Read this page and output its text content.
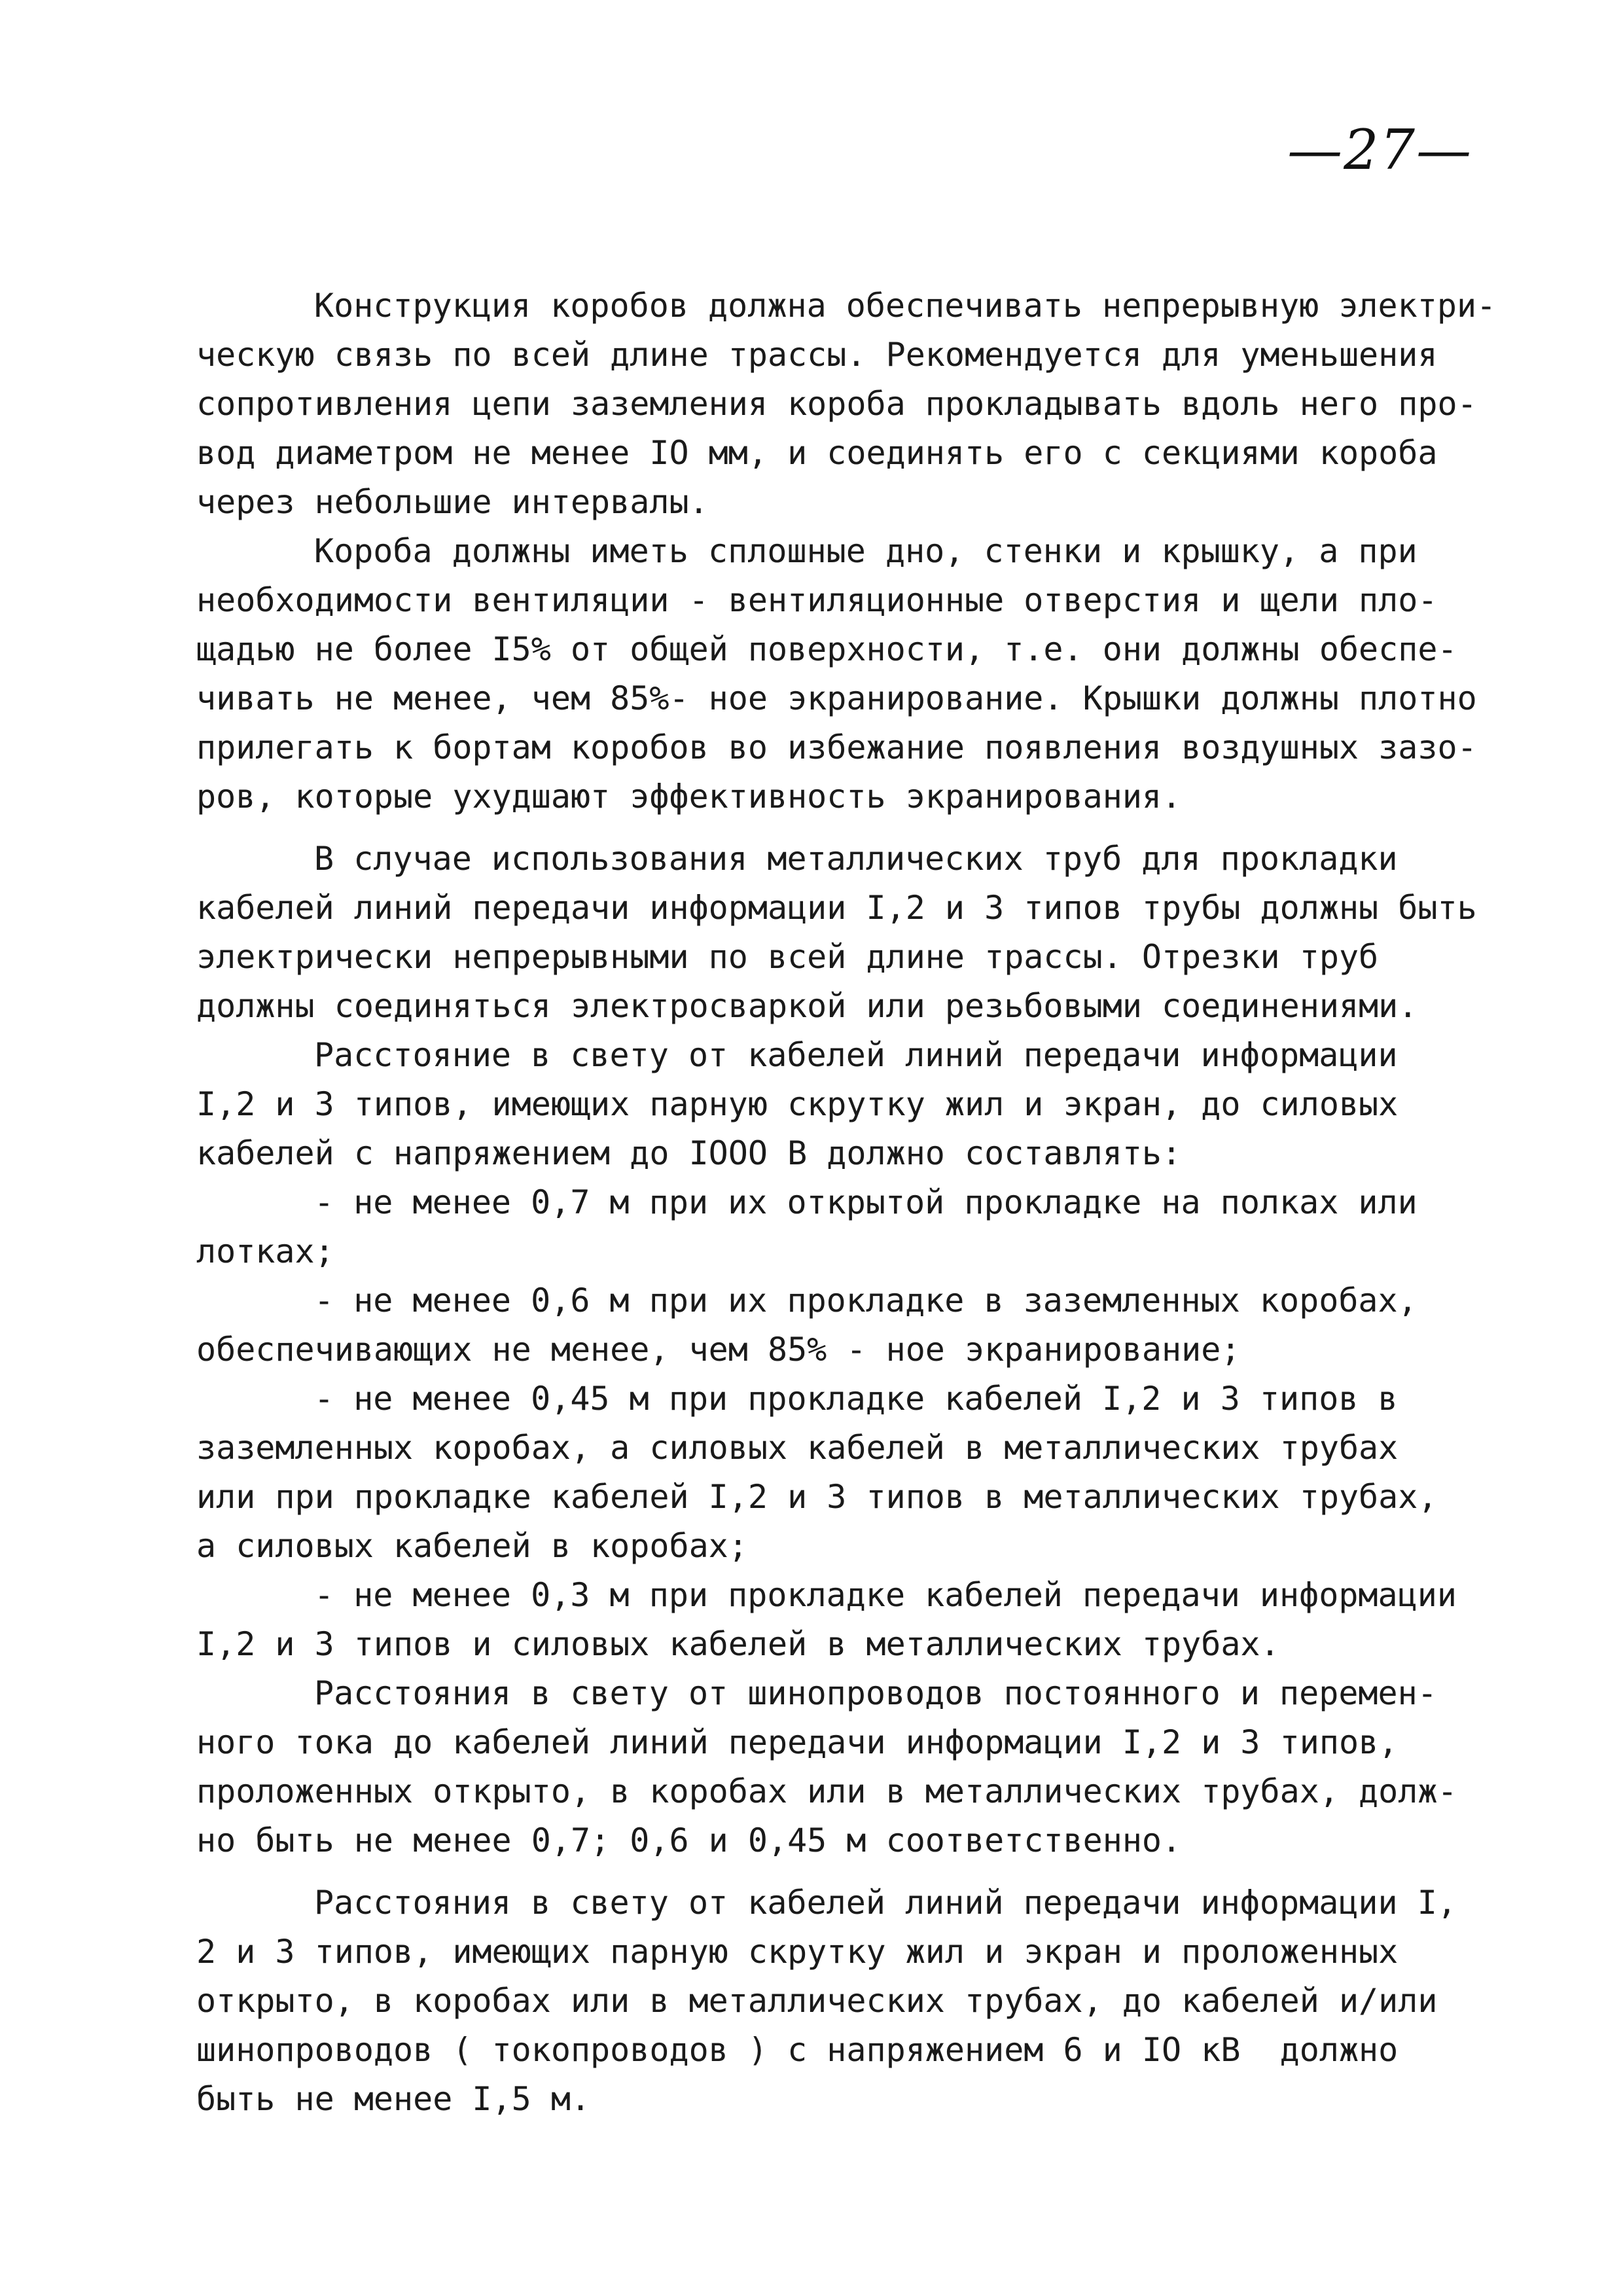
—27—
Конструкция коробов должна обеспечивать непрерывную электри-
ческую связь по всей длине трассы. Рекомендуется для уменьшения
сопротивления цепи заземления короба прокладывать вдоль него про-
вод диаметром не менее IO мм, и соединять его с секциями короба
через небольшие интервалы.
Короба должны иметь сплошные дно, стенки и крышку, а при
необходимости вентиляции - вентиляционные отверстия и щели пло-
щадью не более I5% от общей поверхности, т.е. они должны обеспе-
чивать не менее, чем 85%- ное экранирование. Крышки должны плотно
прилегать к бортам коробов во избежание появления воздушных зазо-
ров, которые ухудшают эффективность экранирования.
В случае использования металлических труб для прокладки
кабелей линий передачи информации I,2 и 3 типов трубы должны быть
электрически непрерывными по всей длине трассы. Отрезки труб
должны соединяться электросваркой или резьбовыми соединениями.
Расстояние в свету от кабелей линий передачи информации
I,2 и 3 типов, имеющих парную скрутку жил и экран, до силовых
кабелей с напряжением до IOOO В должно составлять:
- не менее 0,7 м при их открытой прокладке на полках или
лотках;
- не менее 0,6 м при их прокладке в заземленных коробах,
обеспечивающих не менее, чем 85% - ное экранирование;
- не менее 0,45 м при прокладке кабелей I,2 и 3 типов в
заземленных коробах, а силовых кабелей в металлических трубах
или при прокладке кабелей I,2 и 3 типов в металлических трубах,
а силовых кабелей в коробах;
- не менее 0,3 м при прокладке кабелей передачи информации
I,2 и 3 типов и силовых кабелей в металлических трубах.
Расстояния в свету от шинопроводов постоянного и перемен-
ного тока до кабелей линий передачи информации I,2 и 3 типов,
проложенных открыто, в коробах или в металлических трубах, долж-
но быть не менее 0,7; 0,6 и 0,45 м соответственно.
Расстояния в свету от кабелей линий передачи информации I,
2 и 3 типов, имеющих парную скрутку жил и экран и проложенных
открыто, в коробах или в металлических трубах, до кабелей и/или
шинопроводов ( токопроводов ) с напряжением 6 и IO кВ  должно
быть не менее I,5 м.
